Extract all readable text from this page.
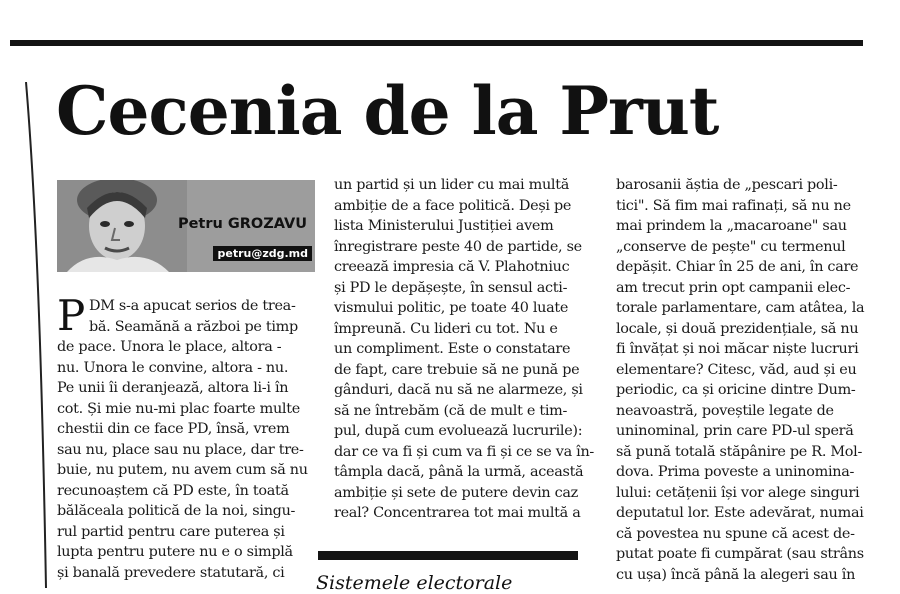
Cecenia de la Prut
Petru GROZAVU
petru@zdg.md
P DM s-a apucat serios de trea-
bă. Seamănă a război pe timp
de pace. Unora le place, altora -
nu. Unora le convine, altora - nu.
Pe unii îi deranjează, altora li-i în
cot. Și mie nu-mi plac foarte multe
chestii din ce face PD, însă, vrem
sau nu, place sau nu place, dar tre-
buie, nu putem, nu avem cum să nu
recunoaștem că PD este, în toată
bălăceala politică de la noi, singu-
rul partid pentru care puterea și
lupta pentru putere nu e o simplă
și banală prevedere statutară, ci
un partid și un lider cu mai multă
ambiție de a face politică. Deși pe
lista Ministerului Justiției avem
înregistrare peste 40 de partide, se
creează impresia că V. Plahotniuc
și PD le depășește, în sensul acti-
vismului politic, pe toate 40 luate
împreună. Cu lideri cu tot. Nu e
un compliment. Este o constatare
de fapt, care trebuie să ne pună pe
gânduri, dacă nu să ne alarmeze, și
să ne întrebăm (că de mult e tim-
pul, după cum evoluează lucrurile):
dar ce va fi și cum va fi și ce se va în-
tâmpla dacă, până la urmă, această
ambiție și sete de putere devin caz
real? Concentrarea tot mai multă a
Sistemele electorale
barosanii ăștia de „pescari poli-
tici". Să fim mai rafinați, să nu ne
mai prindem la „macaroane" sau
„conserve de pește" cu termenul
depășit. Chiar în 25 de ani, în care
am trecut prin opt campanii elec-
torale parlamentare, cam atâtea, la
locale, și două prezidențiale, să nu
fi învățat și noi măcar niște lucruri
elementare? Citesc, văd, aud și eu
periodic, ca și oricine dintre Dum-
neavoastră, poveștile legate de
uninominal, prin care PD-ul speră
să pună totală stăpânire pe R. Mol-
dova. Prima poveste a uninomina-
lului: cetățenii își vor alege singuri
deputatul lor. Este adevărat, numai
că povestea nu spune că acest de-
putat poate fi cumpărat (sau strâns
cu ușa) încă până la alegeri sau în
